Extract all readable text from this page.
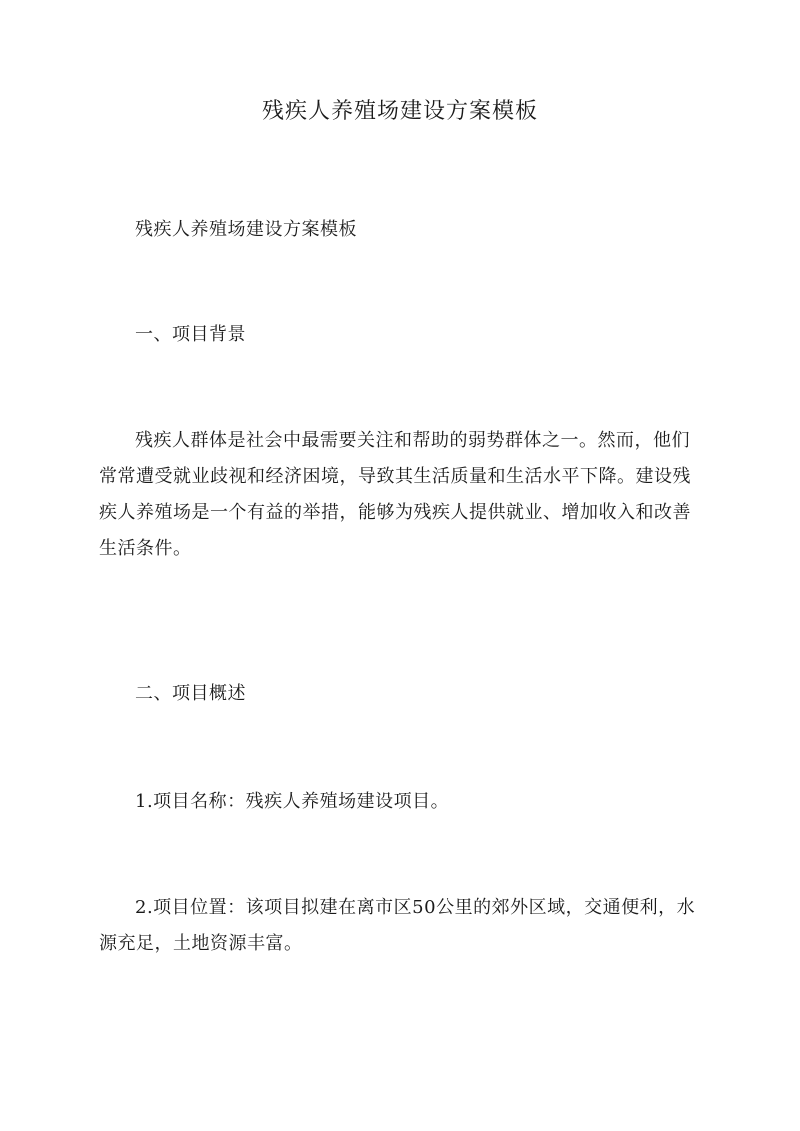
残疾人养殖场建设方案模板

残疾人养殖场建设方案模板

一、项目背景

残疾人群体是社会中最需要关注和帮助的弱势群体之一。然而，他们常常遭受就业歧视和经济困境，导致其生活质量和生活水平下降。建设残疾人养殖场是一个有益的举措，能够为残疾人提供就业、增加收入和改善生活条件。

二、项目概述

1.项目名称：残疾人养殖场建设项目。

2.项目位置：该项目拟建在离市区50公里的郊外区域，交通便利，水源充足，土地资源丰富。
